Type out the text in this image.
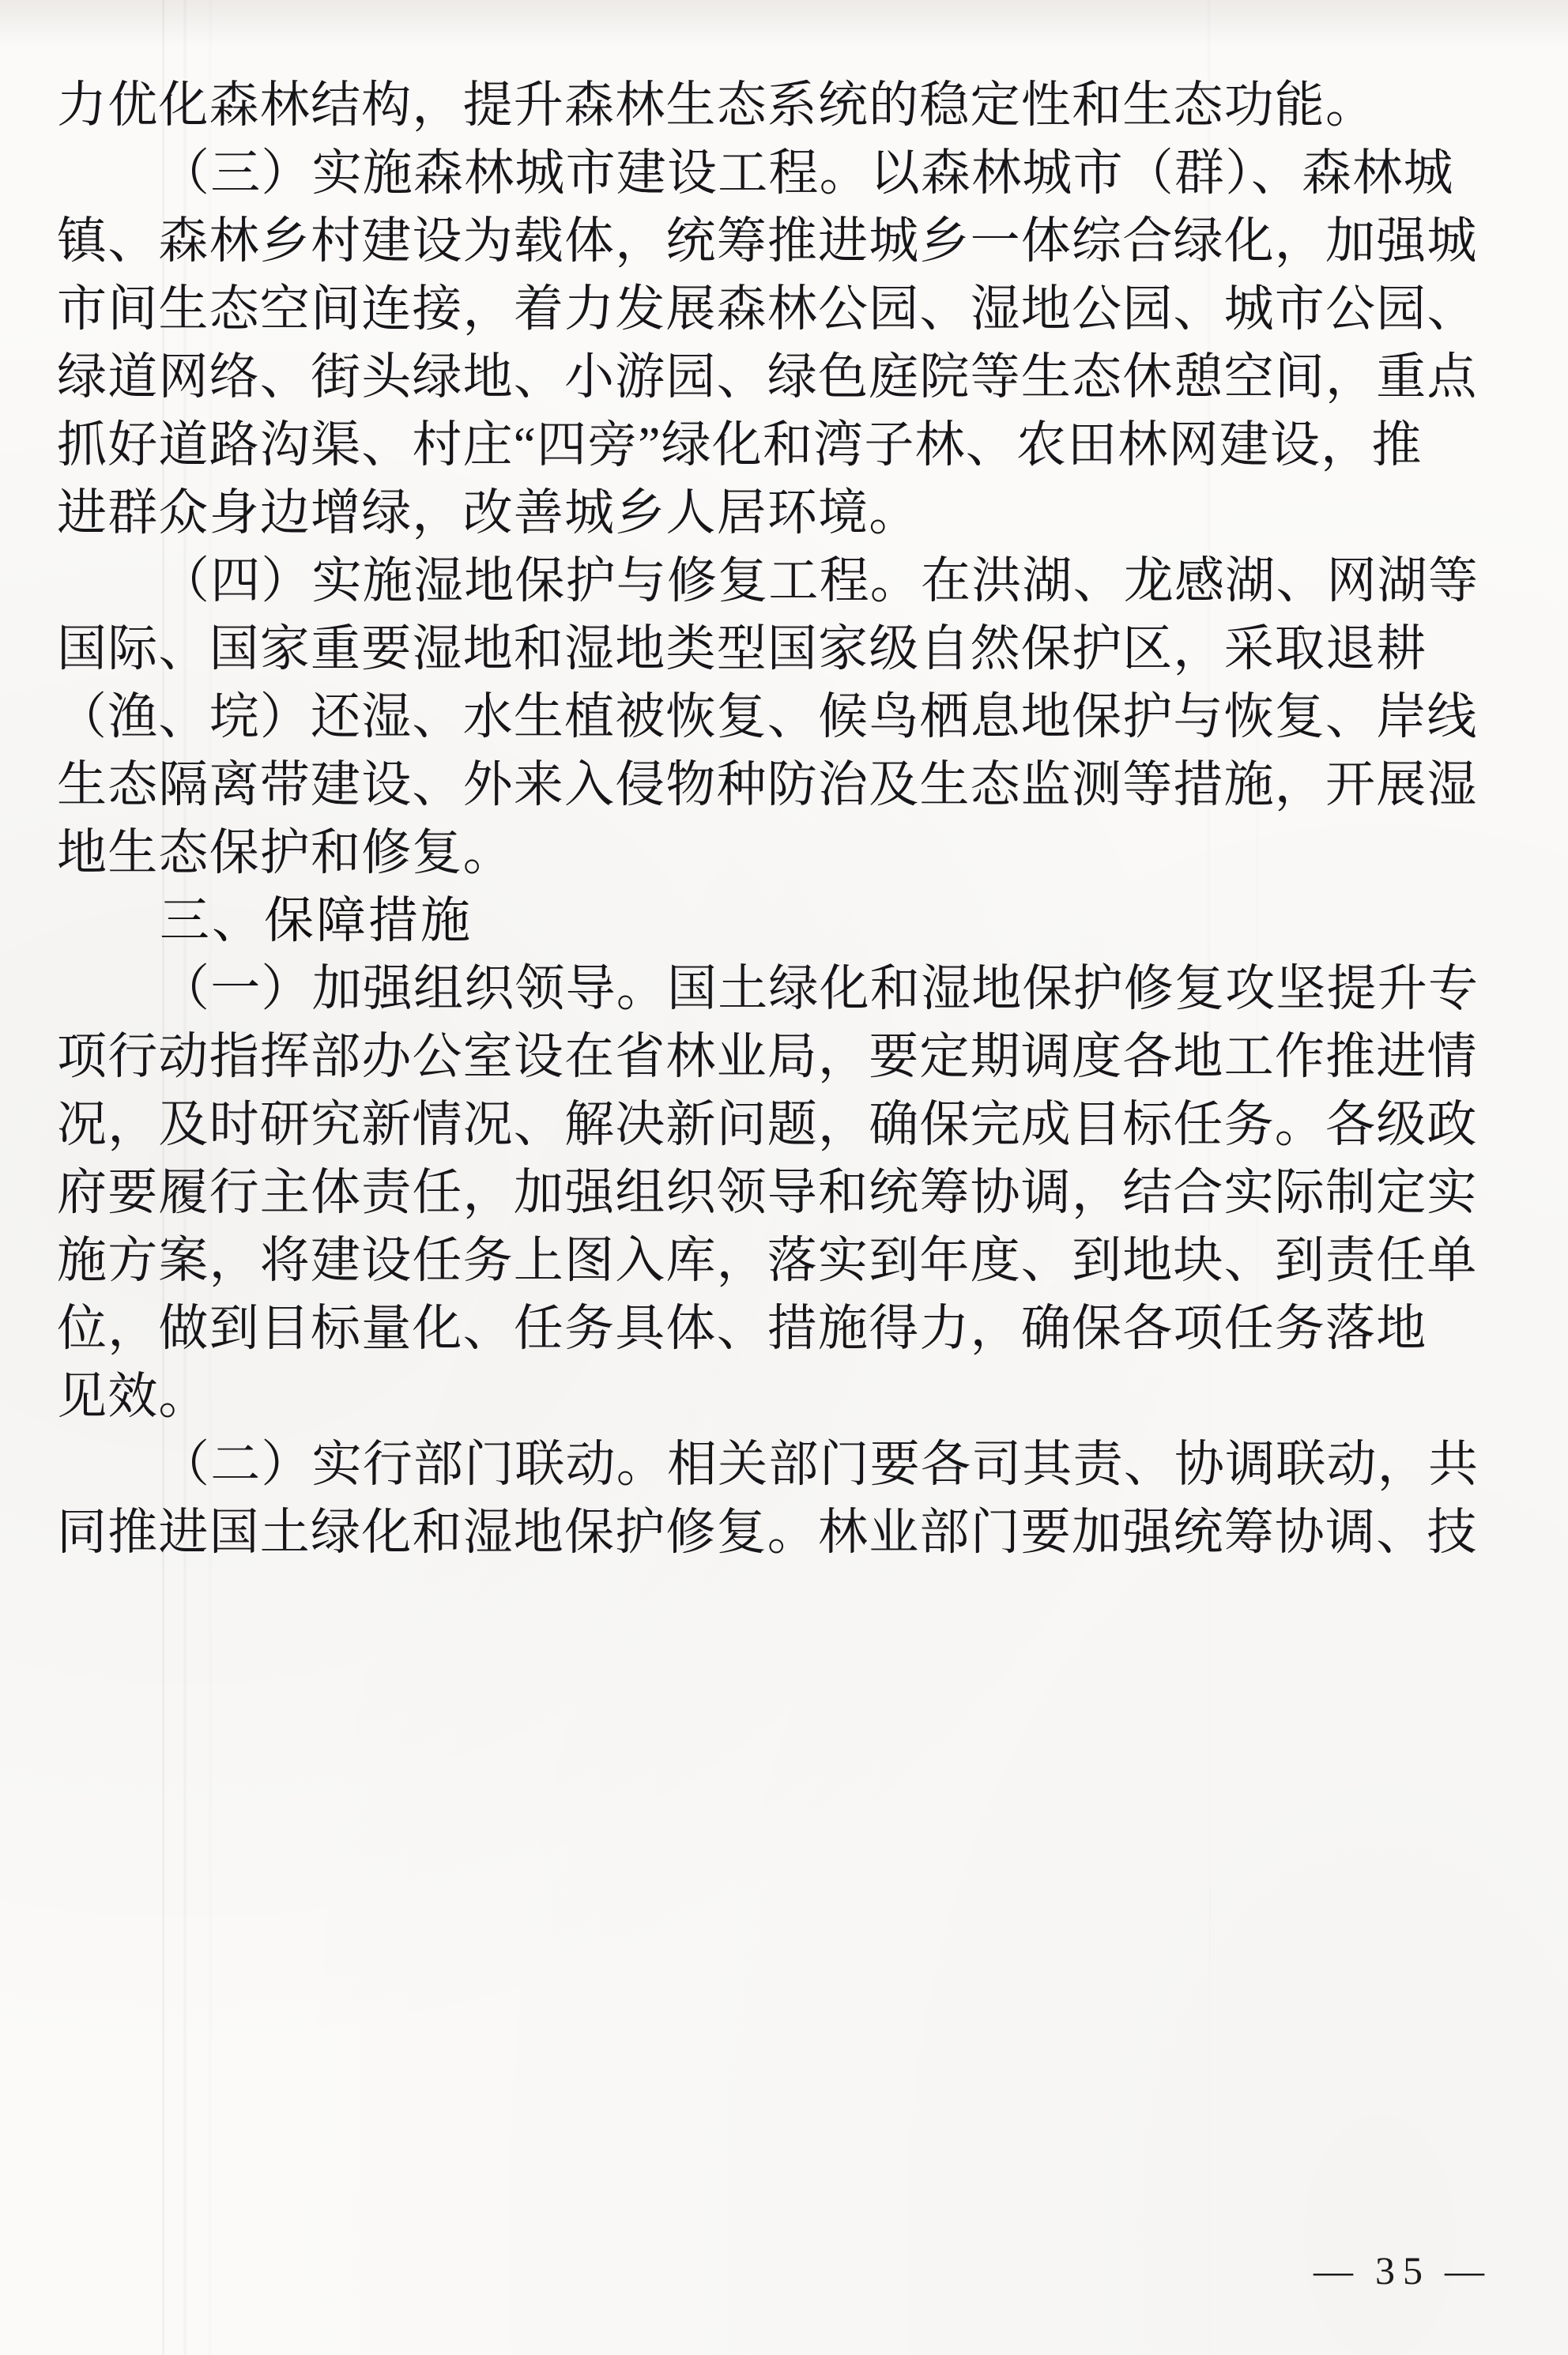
力优化森林结构，提升森林生态系统的稳定性和生态功能。
（三）实施森林城市建设工程。以森林城市（群）、森林城
镇、森林乡村建设为载体，统筹推进城乡一体综合绿化，加强城
市间生态空间连接，着力发展森林公园、湿地公园、城市公园、
绿道网络、街头绿地、小游园、绿色庭院等生态休憩空间，重点
抓好道路沟渠、村庄“四旁”绿化和湾子林、农田林网建设，推
进群众身边增绿，改善城乡人居环境。
（四）实施湿地保护与修复工程。在洪湖、龙感湖、网湖等
国际、国家重要湿地和湿地类型国家级自然保护区，采取退耕
（渔、垸）还湿、水生植被恢复、候鸟栖息地保护与恢复、岸线
生态隔离带建设、外来入侵物种防治及生态监测等措施，开展湿
地生态保护和修复。
三、保障措施
（一）加强组织领导。国土绿化和湿地保护修复攻坚提升专
项行动指挥部办公室设在省林业局，要定期调度各地工作推进情
况，及时研究新情况、解决新问题，确保完成目标任务。各级政
府要履行主体责任，加强组织领导和统筹协调，结合实际制定实
施方案，将建设任务上图入库，落实到年度、到地块、到责任单
位，做到目标量化、任务具体、措施得力，确保各项任务落地
见效。
（二）实行部门联动。相关部门要各司其责、协调联动，共
同推进国土绿化和湿地保护修复。林业部门要加强统筹协调、技
— 35 —
